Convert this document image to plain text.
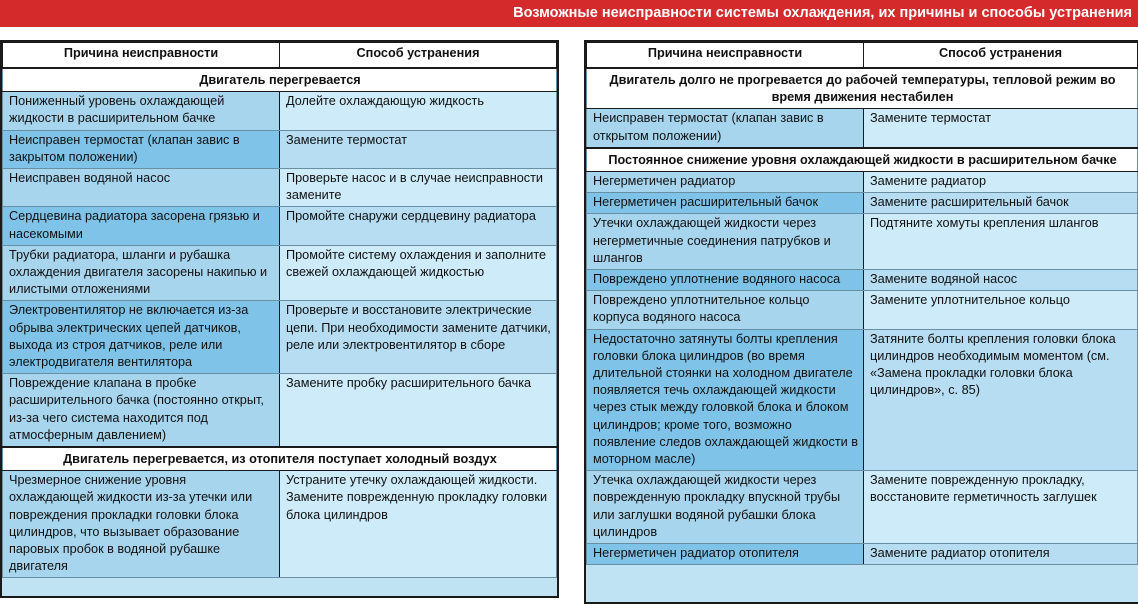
Возможные неисправности системы охлаждения, их причины и способы устранения
Причина неисправности	Способ устранения
Двигатель перегревается	
Пониженный уровень охлаждающей жидкости в расширительном бачке	Долейте охлаждающую жидкость
Неисправен термостат (клапан завис в закрытом положении)	Замените термостат
Неисправен водяной насос	Проверьте насос и в случае неисправности замените
Сердцевина радиатора засорена грязью и насекомыми	Промойте снаружи сердцевину радиатора
Трубки радиатора, шланги и рубашка охлаждения двигателя засорены накипью и илистыми отложениями	Промойте систему охлаждения и заполните свежей охлаждающей жидкостью
Электровентилятор не включается из-за обрыва электрических цепей датчиков, выхода из строя датчиков, реле или электродвигателя вентилятора	Проверьте и восстановите электрические цепи. При необходимости замените датчики, реле или электровентилятор в сборе
Повреждение клапана в пробке расширительного бачка (постоянно открыт, из-за чего система находится под атмосферным давлением)	Замените пробку расширительного бачка
Двигатель перегревается, из отопителя поступает холодный воздух	
Чрезмерное снижение уровня охлаждающей жидкости из-за утечки или повреждения прокладки головки блока цилиндров, что вызывает образование паровых пробок в водяной рубашке двигателя	Устраните утечку охлаждающей жидкости. Замените поврежденную прокладку головки блока цилиндров
Причина неисправности	Способ устранения
Двигатель долго не прогревается до рабочей температуры, тепловой режим во время движения нестабилен	
Неисправен термостат (клапан завис в открытом положении)	Замените термостат
Постоянное снижение уровня охлаждающей жидкости в расширительном бачке	
Негерметичен радиатор	Замените радиатор
Негерметичен расширительный бачок	Замените расширительный бачок
Утечки охлаждающей жидкости через негерметичные соединения патрубков и шлангов	Подтяните хомуты крепления шлангов
Повреждено уплотнение водяного насоса	Замените водяной насос
Повреждено уплотнительное кольцо корпуса водяного насоса	Замените уплотнительное кольцо
Недостаточно затянуты болты крепления головки блока цилиндров (во время длительной стоянки на холодном двигателе появляется течь охлаждающей жидкости через стык между головкой блока и блоком цилиндров; кроме того, возможно появление следов охлаждающей жидкости в моторном масле)	Затяните болты крепления головки блока цилиндров необходимым моментом (см. «Замена прокладки головки блока цилиндров», с. 85)
Утечка охлаждающей жидкости через поврежденную прокладку впускной трубы или заглушки водяной рубашки блока цилиндров	Замените поврежденную прокладку, восстановите герметичность заглушек
Негерметичен радиатор отопителя	Замените радиатор отопителя
